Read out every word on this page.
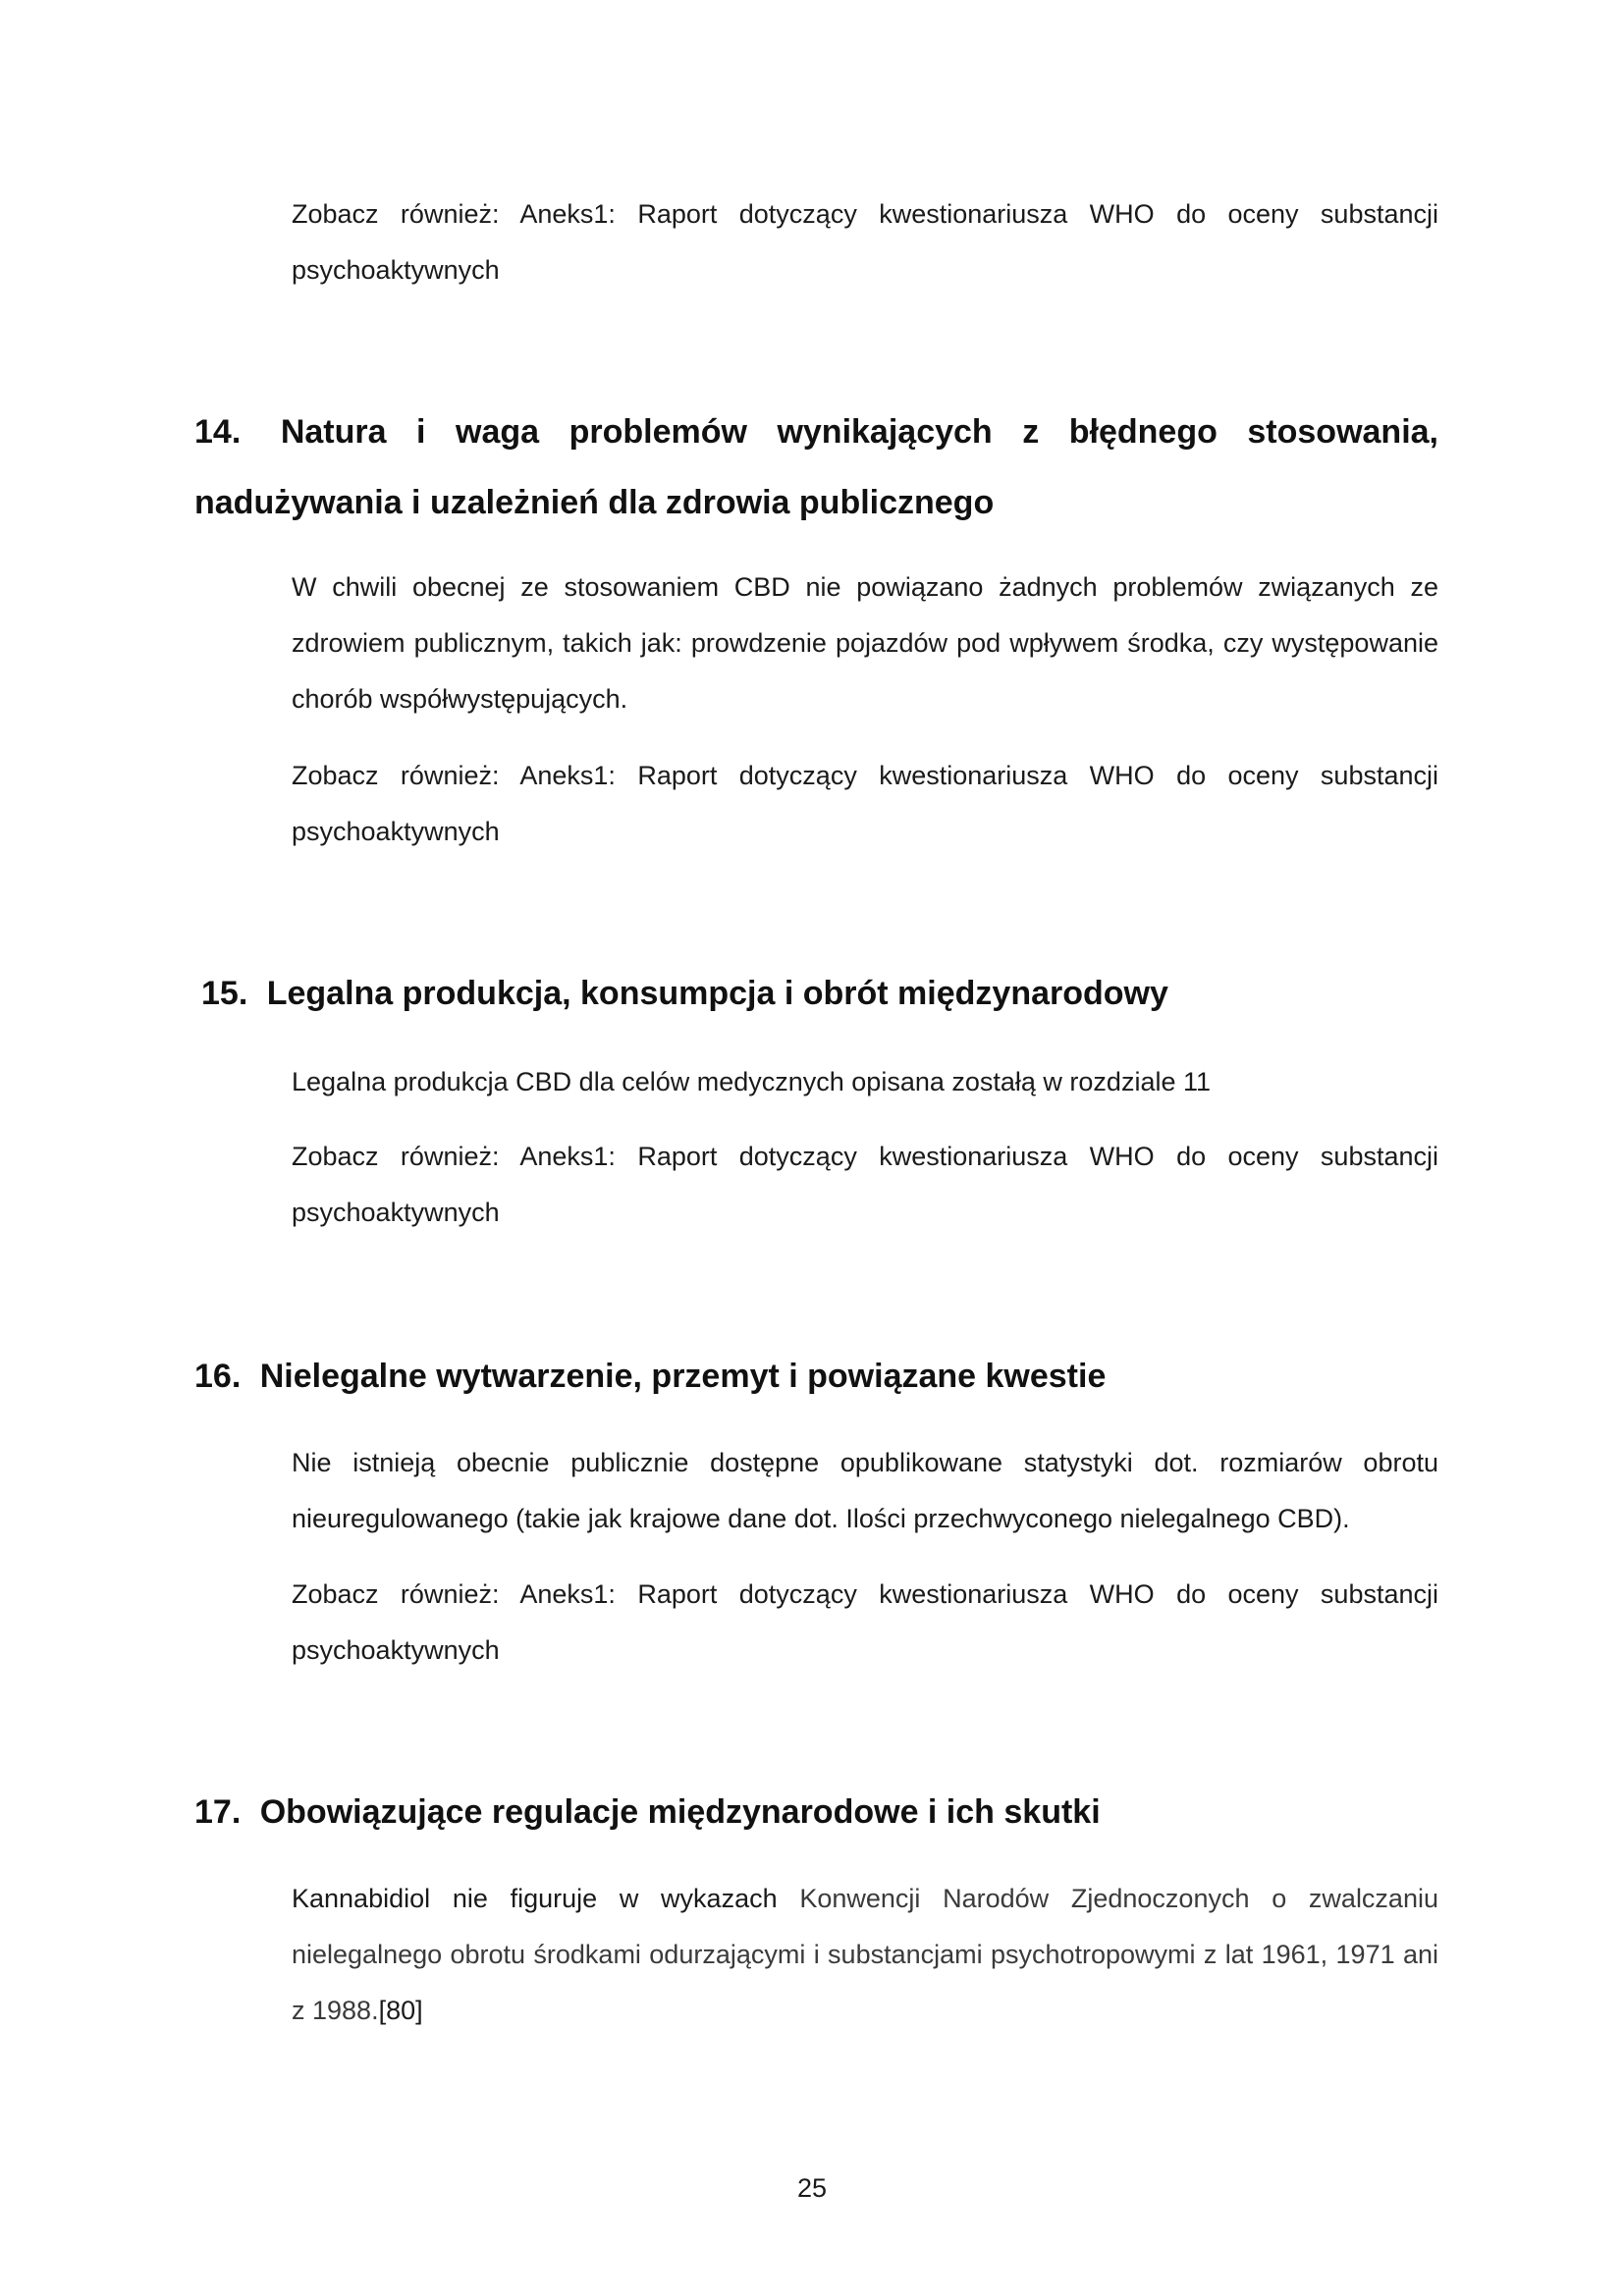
Zobacz również: Aneks1: Raport dotyczący kwestionariusza WHO do oceny substancji psychoaktywnych

14. Natura i waga problemów wynikających z błędnego stosowania, nadużywania i uzależnień dla zdrowia publicznego

W chwili obecnej ze stosowaniem CBD nie powiązano żadnych problemów związanych ze zdrowiem publicznym, takich jak: prowdzenie pojazdów pod wpływem środka, czy występowanie chorób współwystępujących.

Zobacz również: Aneks1: Raport dotyczący kwestionariusza WHO do oceny substancji psychoaktywnych

15. Legalna produkcja, konsumpcja i obrót międzynarodowy

Legalna produkcja CBD dla celów medycznych opisana zostałą w rozdziale 11

Zobacz również: Aneks1: Raport dotyczący kwestionariusza WHO do oceny substancji psychoaktywnych

16. Nielegalne wytwarzenie, przemyt i powiązane kwestie

Nie istnieją obecnie publicznie dostępne opublikowane statystyki dot. rozmiarów obrotu nieuregulowanego (takie jak krajowe dane dot. Ilości przechwyconego nielegalnego CBD).

Zobacz również: Aneks1: Raport dotyczący kwestionariusza WHO do oceny substancji psychoaktywnych

17. Obowiązujące regulacje międzynarodowe i ich skutki

Kannabidiol nie figuruje w wykazach Konwencji Narodów Zjednoczonych o zwalczaniu nielegalnego obrotu środkami odurzającymi i substancjami psychotropowymi z lat 1961, 1971 ani z 1988.[80]

25
